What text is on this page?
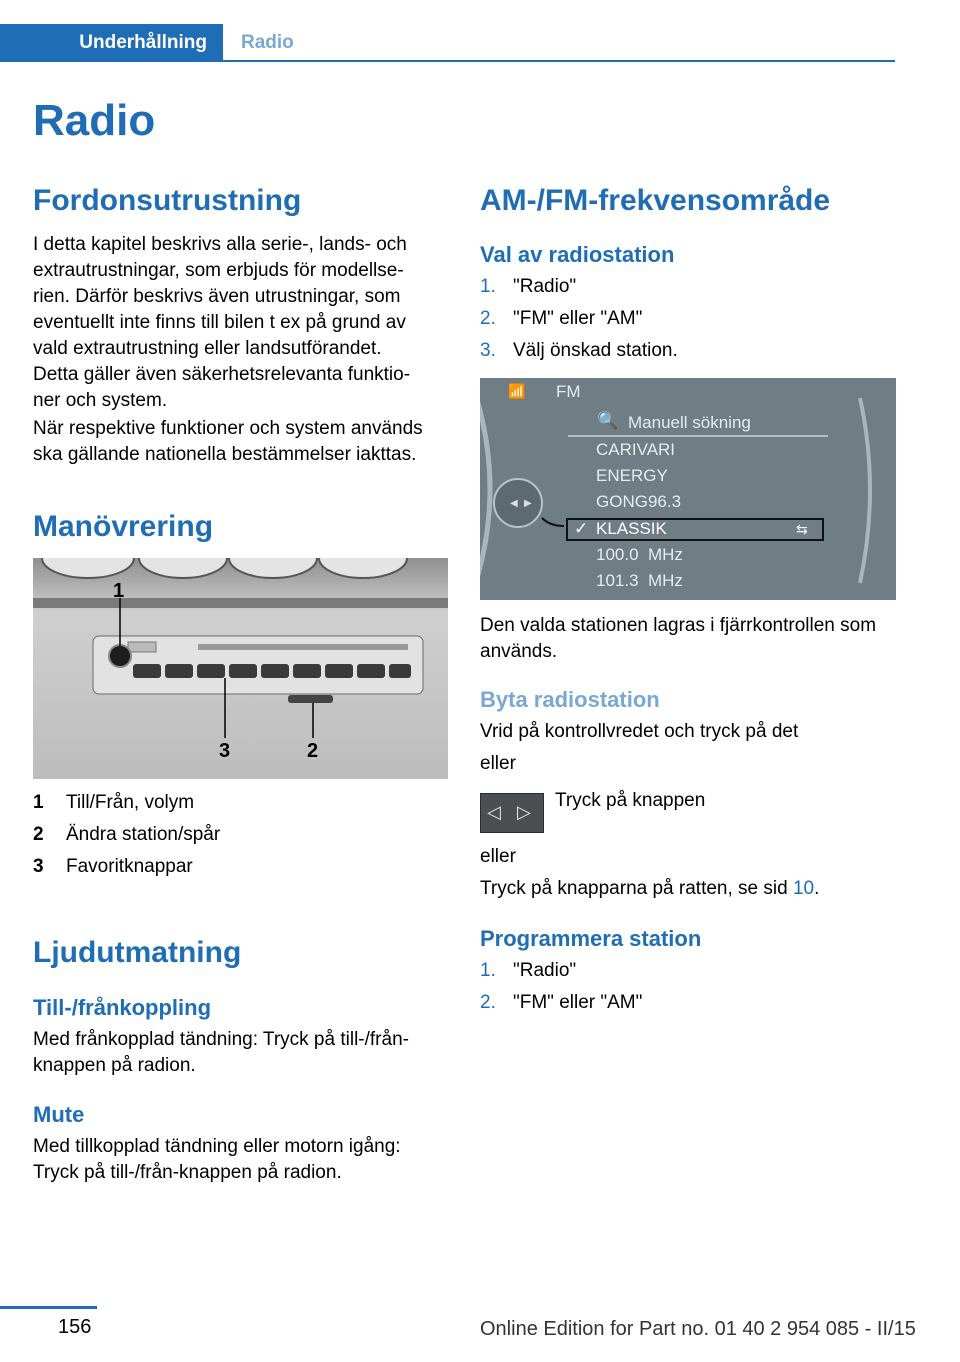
Underhållning	Radio
Radio
Fordonsutrustning
I detta kapitel beskrivs alla serie-, lands- och
extrautrustningar, som erbjuds för modellse-
rien. Därför beskrivs även utrustningar, som
eventuellt inte finns till bilen t ex på grund av
vald extrautrustning eller landsutförandet.
Detta gäller även säkerhetsrelevanta funktio-
ner och system.
När respektive funktioner och system används
ska gällande nationella bestämmelser iakttas.
Manövrering
1
3	2
1	Till/Från, volym
2	Ändra station/spår
3	Favoritknappar
Ljudutmatning
Till-/frånkoppling
Med frånkopplad tändning: Tryck på till-/från-
knappen på radion.
Mute
Med tillkopplad tändning eller motorn igång:
Tryck på till-/från-knappen på radion.
AM-/FM-frekvensområde
Val av radiostation
1. "Radio"
2. "FM" eller "AM"
3. Välj önskad station.
◀ ▶
📶 FM
🔍 Manuell sökning
CARIVARI
ENERGY
GONG96.3
✓ KLASSIK	⇆
100.0  MHz
101.3  MHz
Den valda stationen lagras i fjärrkontrollen som
används.
Byta radiostation
Vrid på kontrollvredet och tryck på det
eller
◁ ▷
Tryck på knappen
eller
Tryck på knapparna på ratten, se sid 10.
Programmera station
1. "Radio"
2. "FM" eller "AM"
156	Online Edition for Part no. 01 40 2 954 085 - II/15
